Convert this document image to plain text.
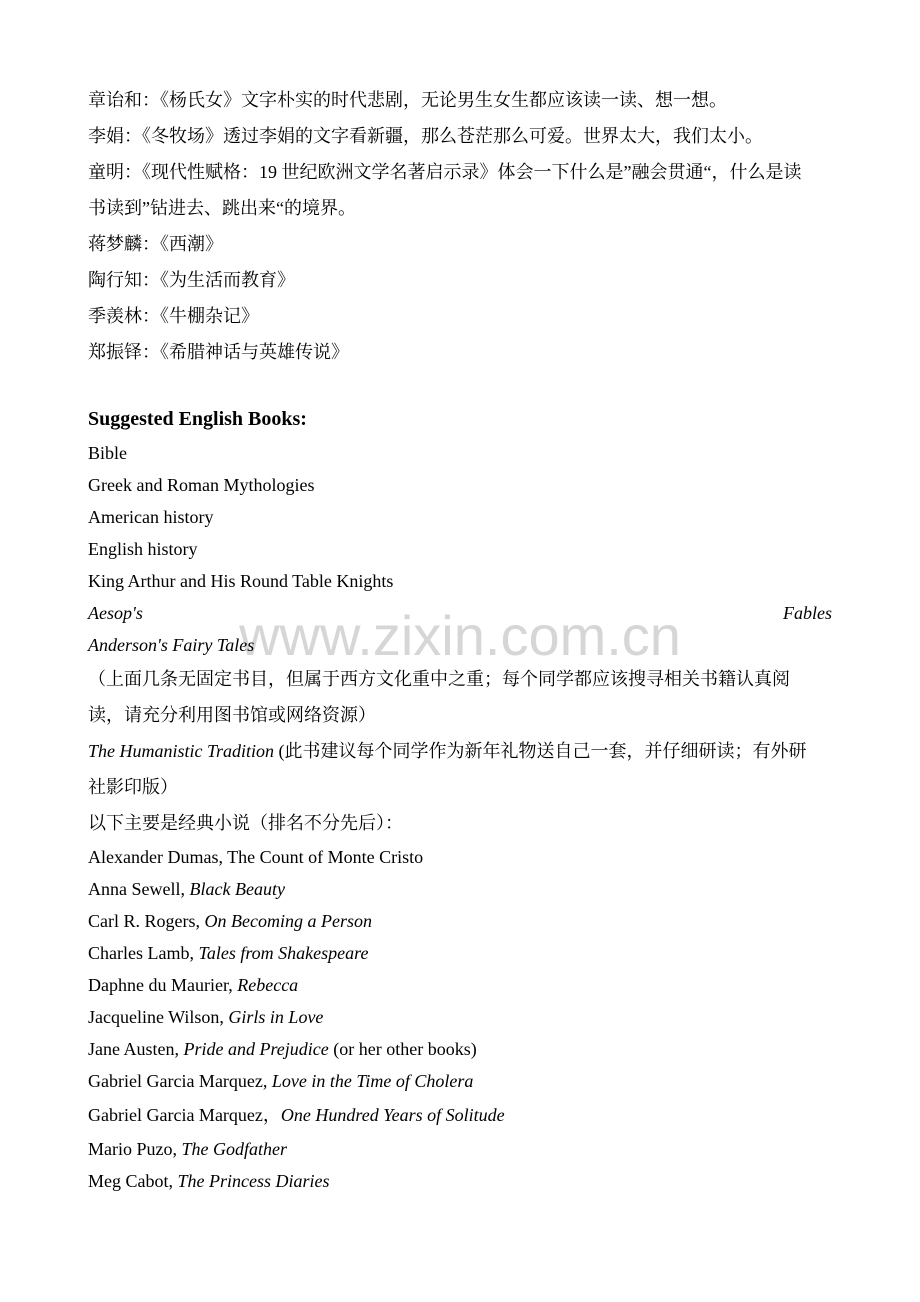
www.zixin.com.cn

章诒和：《杨氏女》文字朴实的时代悲剧，无论男生女生都应该读一读、想一想。

李娟：《冬牧场》透过李娟的文字看新疆，那么苍茫那么可爱。世界太大，我们太小。

童明：《现代性赋格：19 世纪欧洲文学名著启示录》体会一下什么是”融会贯通“，什么是读

书读到”钻进去、跳出来“的境界。

蒋梦麟：《西潮》

陶行知：《为生活而教育》

季羡林：《牛棚杂记》

郑振铎：《希腊神话与英雄传说》

Suggested English Books:

Bible

Greek and Roman Mythologies

American history

English history

King Arthur and His Round Table Knights

Aesop's	Fables

Anderson's Fairy Tales

（上面几条无固定书目，但属于西方文化重中之重；每个同学都应该搜寻相关书籍认真阅

读，请充分利用图书馆或网络资源）

The Humanistic Tradition (此书建议每个同学作为新年礼物送自己一套，并仔细研读；有外研

社影印版）

以下主要是经典小说（排名不分先后）：

Alexander Dumas, The Count of Monte Cristo

Anna Sewell, Black Beauty

Carl R. Rogers, On Becoming a Person

Charles Lamb, Tales from Shakespeare

Daphne du Maurier, Rebecca

Jacqueline Wilson, Girls in Love

Jane Austen, Pride and Prejudice (or her other books)

Gabriel Garcia Marquez, Love in the Time of Cholera

Gabriel Garcia Marquez，One Hundred Years of Solitude

Mario Puzo, The Godfather

Meg Cabot, The Princess Diaries
